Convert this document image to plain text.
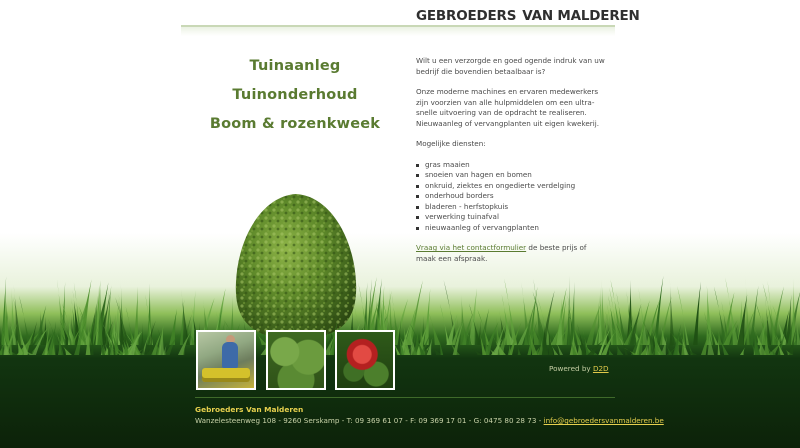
GEBROEDERS VAN MALDEREN
Tuinaanleg
Tuinonderhoud
Boom & rozenkweek

Wilt u een verzorgde en goed ogende indruk van uw bedrijf die bovendien betaalbaar is?

Onze moderne machines en ervaren medewerkers zijn voorzien van alle hulpmiddelen om een ultra-snelle uitvoering van de opdracht te realiseren. Nieuwaanleg of vervangplanten uit eigen kwekerij.

Mogelijke diensten:

gras maaien
snoeien van hagen en bomen
onkruid, ziektes en ongedierte verdelging
onderhoud borders
bladeren - herfstopkuis
verwerking tuinafval
nieuwaanleg of vervangplanten

Vraag via het contactformulier de beste prijs of maak een afspraak.

Powered by D2D
Gebroeders Van Malderen
Wanzelesteenweg 108 - 9260 Serskamp - T: 09 369 61 07 - F: 09 369 17 01 - G: 0475 80 28 73 - info@gebroedersvanmalderen.be
